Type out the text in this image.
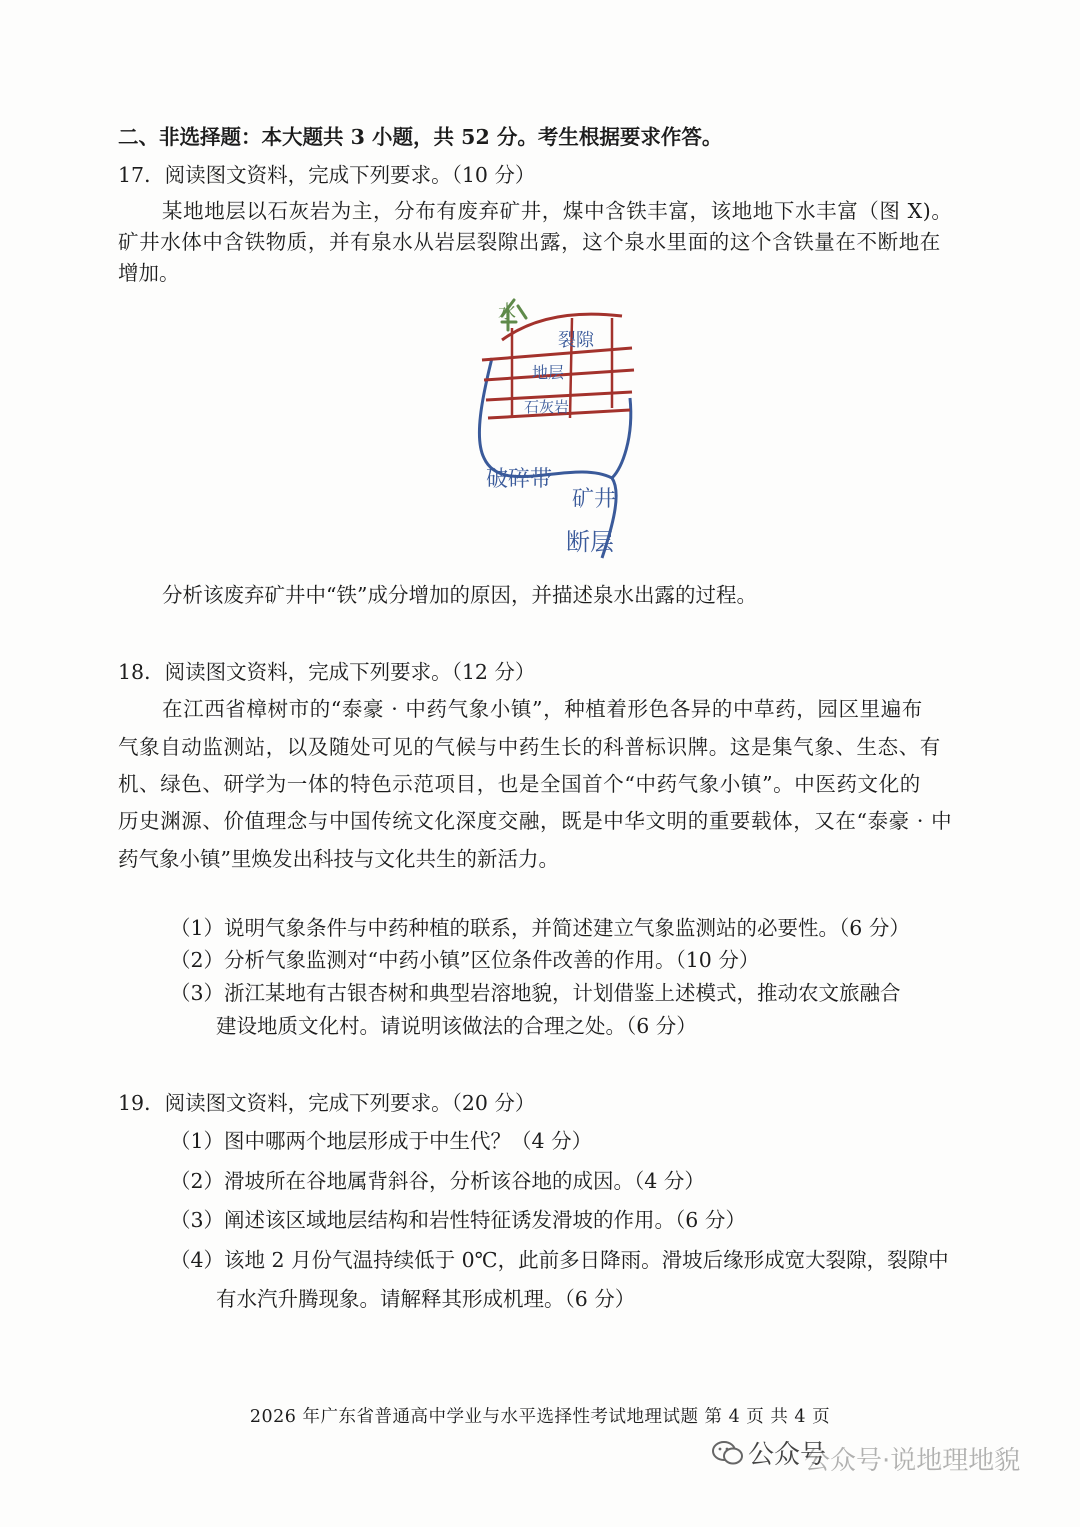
二、非选择题：本大题共 3 小题，共 52 分。考生根据要求作答。
17．阅读图文资料，完成下列要求。（10 分）
某地地层以石灰岩为主，分布有废弃矿井，煤中含铁丰富，该地地下水丰富（图 X)。
矿井水体中含铁物质，并有泉水从岩层裂隙出露，这个泉水里面的这个含铁量在不断地在
增加。
裂隙
地层
石灰岩
破碎带
矿井
断层
水
分析该废弃矿井中“铁”成分增加的原因，并描述泉水出露的过程。
18．阅读图文资料，完成下列要求。（12 分）
在江西省樟树市的“泰豪 · 中药气象小镇”，种植着形色各异的中草药，园区里遍布
气象自动监测站，以及随处可见的气候与中药生长的科普标识牌。这是集气象、生态、有
机、绿色、研学为一体的特色示范项目，也是全国首个“中药气象小镇”。中医药文化的
历史渊源、价值理念与中国传统文化深度交融，既是中华文明的重要载体，又在“泰豪 · 中
药气象小镇”里焕发出科技与文化共生的新活力。
（1）说明气象条件与中药种植的联系，并简述建立气象监测站的必要性。（6 分）
（2）分析气象监测对“中药小镇”区位条件改善的作用。（10 分）
（3）浙江某地有古银杏树和典型岩溶地貌，计划借鉴上述模式，推动农文旅融合
建设地质文化村。请说明该做法的合理之处。（6 分）
19．阅读图文资料，完成下列要求。（20 分）
（1）图中哪两个地层形成于中生代？（4 分）
（2）滑坡所在谷地属背斜谷，分析该谷地的成因。（4 分）
（3）阐述该区域地层结构和岩性特征诱发滑坡的作用。（6 分）
（4）该地 2 月份气温持续低于 0℃，此前多日降雨。滑坡后缘形成宽大裂隙，裂隙中
有水汽升腾现象。请解释其形成机理。（6 分）
2026 年广东省普通高中学业与水平选择性考试地理试题 第 4 页 共 4 页
公众号
公众号·说地理地貌
